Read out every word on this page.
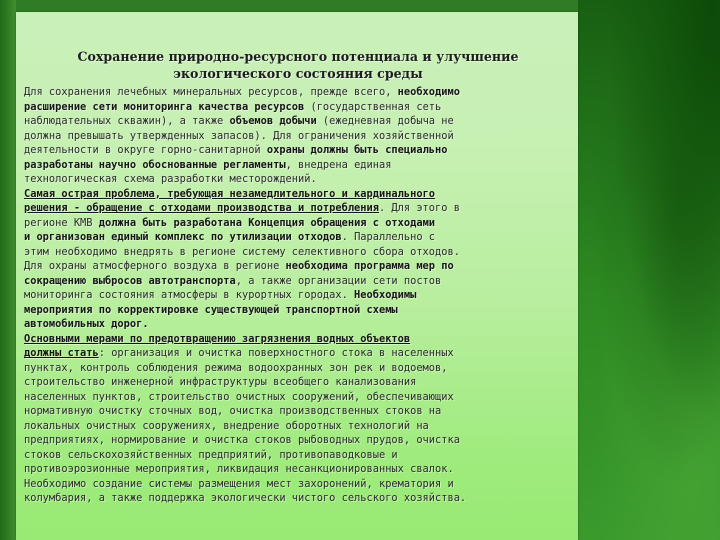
Сохранение природно-ресурсного потенциала и улучшение
экологического состояния среды

Для сохранения лечебных минеральных ресурсов, прежде всего, необходимо
расширение сети мониторинга качества ресурсов (государственная сеть
наблюдательных скважин), а также объемов добычи (ежедневная добыча не
должна превышать утвержденных запасов). Для ограничения хозяйственной
деятельности в округе горно-санитарной охраны должны быть специально
разработаны научно обоснованные регламенты, внедрена единая
технологическая схема разработки месторождений.

Самая острая проблема, требующая незамедлительного и кардинального
решения - обращение с отходами производства и потребления. Для этого в
регионе КМВ должна быть разработана Концепция обращения с отходами
и организован единый комплекс по утилизации отходов. Параллельно с
этим необходимо внедрять в регионе систему селективного сбора отходов.

Для охраны атмосферного воздуха в регионе необходима программа мер по
сокращению выбросов автотранспорта, а также организации сети постов
мониторинга состояния атмосферы в курортных городах. Необходимы
мероприятия по корректировке существующей транспортной схемы
автомобильных дорог.

Основными мерами по предотвращению загрязнения водных объектов
должны стать: организация и очистка поверхностного стока в населенных
пунктах, контроль соблюдения режима водоохранных зон рек и водоемов,
строительство инженерной инфраструктуры всеобщего канализования
населенных пунктов, строительство очистных сооружений, обеспечивающих
нормативную очистку сточных вод, очистка производственных стоков на
локальных очистных сооружениях, внедрение оборотных технологий на
предприятиях, нормирование и очистка стоков рыбоводных прудов, очистка
стоков сельскохозяйственных предприятий, противопаводковые и
противоэрозионные мероприятия, ликвидация несанкционированных свалок.

Необходимо создание системы размещения мест захоронений, крематория и
колумбария, а также поддержка экологически чистого сельского хозяйства.
